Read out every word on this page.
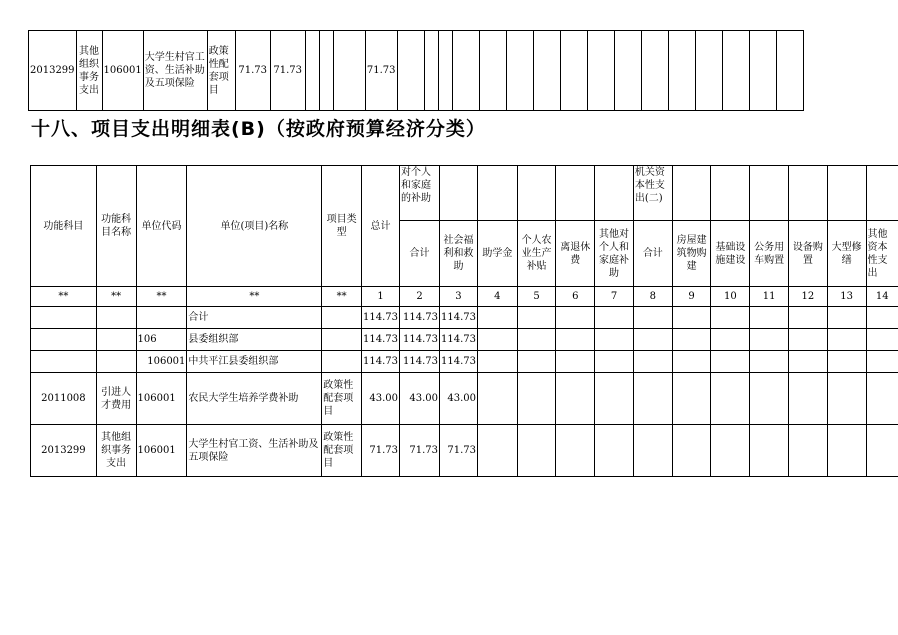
2013299	其他组织事务支出	106001	大学生村官工资、生活补助及五项保险	政策性配套项目	71.73	71.73				71.73																
十八、项目支出明细表(B)（按政府预算经济分类）
功能科目	功能科目名称	单位代码	单位(项目)名称	项目类型	总计	对个人和家庭的补助						机关资本性支出(二)						
						合计	社会福利和救助	助学金	个人农业生产补贴	离退休费	其他对个人和家庭补助	合计	房屋建筑物购建	基础设施建设	公务用车购置	设备购置	大型修缮	其他资本性支出
**	**	**	**	**	1	2	3	4	5	6	7	8	9	10	11	12	13	14
			合计		114.73	114.73	114.73											
		106	县委组织部		114.73	114.73	114.73											
		106001	中共平江县委组织部		114.73	114.73	114.73											
2011008	引进人才费用	106001	农民大学生培养学费补助	政策性配套项目	43.00	43.00	43.00											
2013299	其他组织事务支出	106001	大学生村官工资、生活补助及五项保险	政策性配套项目	71.73	71.73	71.73											
